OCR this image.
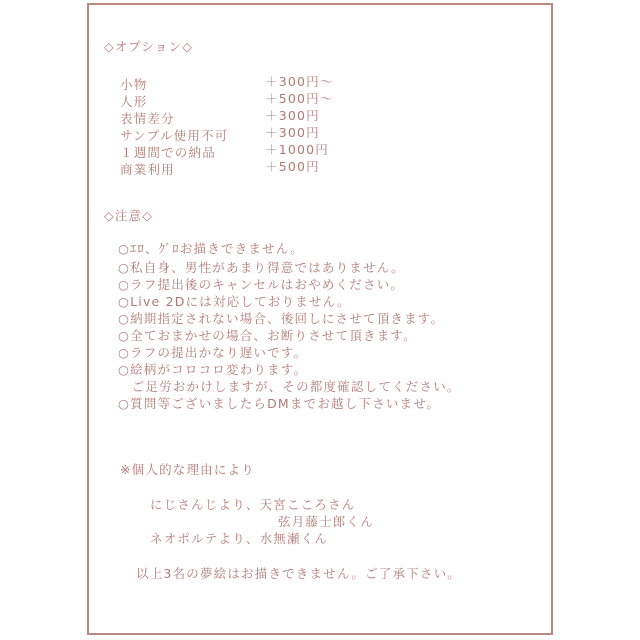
◇オプション◇
小物	＋300円～
人形	＋500円～
表情差分	＋300円
サンプル使用不可	＋300円
１週間での納品	＋1000円
商業利用	＋500円
◇注意◇
○ｴﾛ、ｸﾞﾛお描きできません。
○私自身、男性があまり得意ではありません。
○ラフ提出後のキャンセルはおやめください。
○Live 2Dには対応しておりません。
○納期指定されない場合、後回しにさせて頂きます。
○全ておまかせの場合、お断りさせて頂きます。
○ラフの提出かなり遅いです。
○絵柄がコロコロ変わります。
　ご足労おかけしますが、その都度確認してください。
○質問等ございましたらDMまでお越し下さいませ。
※個人的な理由により
にじさんじより、天宮こころさん
弦月藤士郎くん
ネオポルテより、水無瀬くん
以上3名の夢絵はお描きできません。ご了承下さい。
